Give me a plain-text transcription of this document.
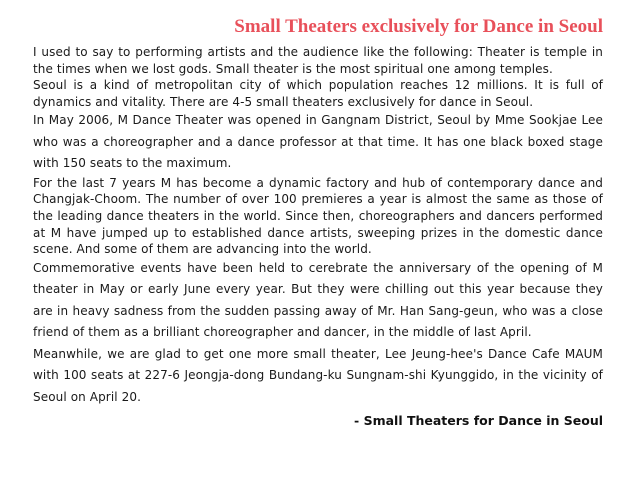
Small Theaters exclusively for Dance in Seoul

I used to say to performing artists and the audience like the following: Theater is temple in the times when we lost gods. Small theater is the most spiritual one among temples.

Seoul is a kind of metropolitan city of which population reaches 12 millions. It is full of dynamics and vitality. There are 4-5 small theaters exclusively for dance in Seoul.

In May 2006, M Dance Theater was opened in Gangnam District, Seoul by Mme Sookjae Lee who was a choreographer and a dance professor at that time. It has one black boxed stage with 150 seats to the maximum.

For the last 7 years M has become a dynamic factory and hub of contemporary dance and Changjak-Choom. The number of over 100 premieres a year is almost the same as those of the leading dance theaters in the world. Since then, choreographers and dancers performed at M have jumped up to established dance artists, sweeping prizes in the domestic dance scene. And some of them are advancing into the world.

Commemorative events have been held to cerebrate the anniversary of the opening of M theater in May or early June every year. But they were chilling out this year because they are in heavy sadness from the sudden passing away of Mr. Han Sang-geun, who was a close friend of them as a brilliant choreographer and dancer, in the middle of last April.

Meanwhile, we are glad to get one more small theater, Lee Jeung-hee's Dance Cafe MAUM with 100 seats at 227-6 Jeongja-dong Bundang-ku Sungnam-shi Kyunggido, in the vicinity of Seoul on April 20.

- Small Theaters for Dance in Seoul
